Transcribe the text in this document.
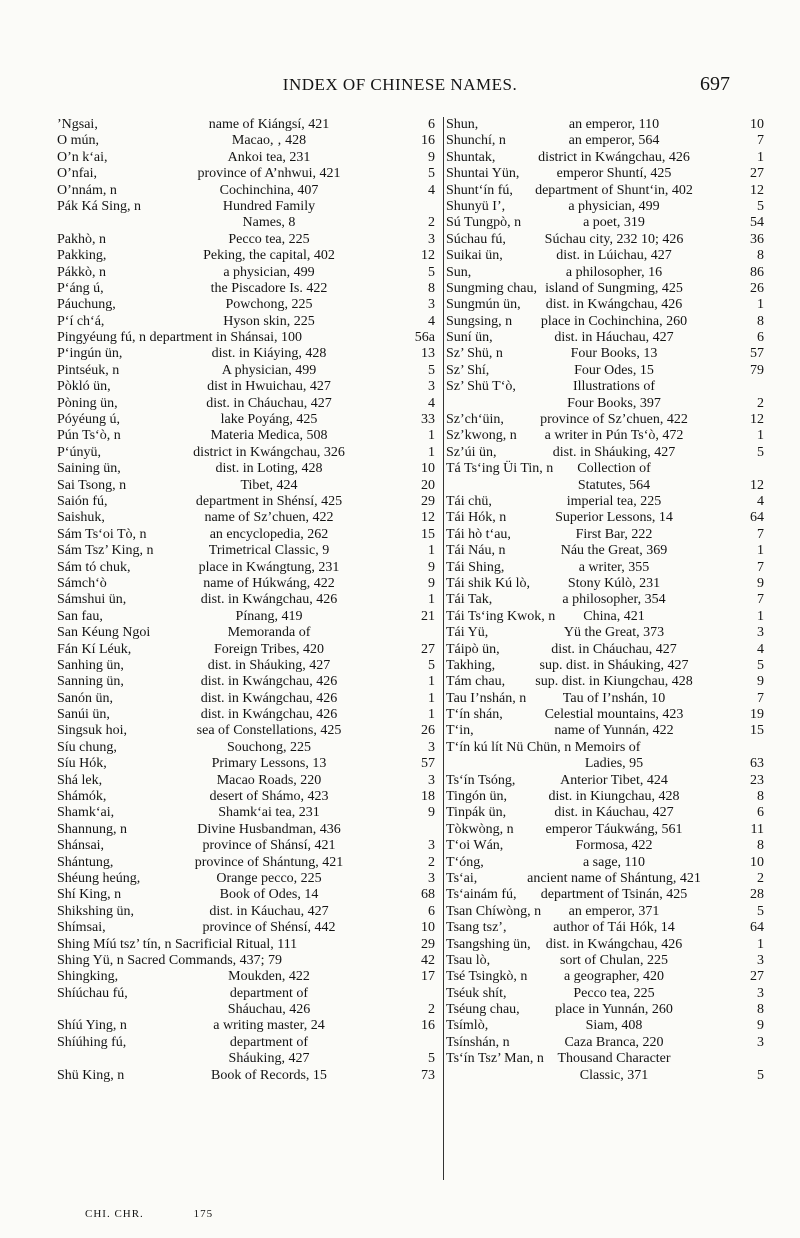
INDEX OF CHINESE NAMES.	697
’Ngsai,	name of Kiángsí, 421	6
O mún,	Macao, ‚ 428	16
O’n k‘ai,	Ankoi tea, 231	9
O’nfai,	province of A’nhwui, 421	5
O’nnám, n	Cochinchina, 407	4
Pák Ká Sing, n	Hundred Family
Names, 8	2
Pakhò, n	Pecco tea, 225	3
Pakking,	Peking, the capital, 402	12
Pákkò, n	a physician, 499	5
P‘áng ú,	the Piscadore Is. 422	8
Páuchung,	Powchong, 225	3
P‘í ch‘á,	Hyson skin, 225	4
Pingyéung fú, n department in Shánsai, 100	56a
P‘ingún ün,	dist. in Kiáying, 428	13
Pintséuk, n	A physician, 499	5
Pòkló ün,	dist in Hwuichau, 427	3
Pòning ün,	dist. in Cháuchau, 427	4
Póyéung ú,	lake Poyáng, 425	33
Pún Ts‘ò, n	Materia Medica, 508	1
P‘únyü,	district in Kwángchau, 326	1
Saining ün,	dist. in Loting, 428	10
Sai Tsong, n	Tibet, 424	20
Saión fú,	department in Shénsí, 425	29
Saishuk,	name of Sz’chuen, 422	12
Sám Ts‘oi Tò, n	an encyclopedia, 262	15
Sám Tsz’ King, n	Trimetrical Classic, 9	1
Sám tó chuk,	place in Kwángtung, 231	9
Sámch‘ò	name of Húkwáng, 422	9
Sámshui ün,	dist. in Kwángchau, 426	1
San fau,	Pínang, 419	21
San Kéung Ngoi	Memoranda of
Fán Kí Léuk,	Foreign Tribes, 420	27
Sanhing ün,	dist. in Sháuking, 427	5
Sanning ün,	dist. in Kwángchau, 426	1
Sanón ün,	dist. in Kwángchau, 426	1
Sanúi ün,	dist. in Kwángchau, 426	1
Singsuk hoi,	sea of Constellations, 425	26
Síu chung,	Souchong, 225	3
Síu Hók,	Primary Lessons, 13	57
Shá lek,	Macao Roads, 220	3
Shámók,	desert of Shámo, 423	18
Shamk‘ai,	Shamk‘ai tea, 231	9
Shannung, n	Divine Husbandman, 436
Shánsai,	province of Shánsí, 421	3
Shántung,	province of Shántung, 421	2
Shéung heúng,	Orange pecco, 225	3
Shí King, n	Book of Odes, 14	68
Shikshing ün,	dist. in Káuchau, 427	6
Shímsai,	province of Shénsí, 442	10
Shing Míú tsz’ tín, n Sacrificial Ritual, 111	29
Shing Yü, n Sacred Commands, 437; 79	42
Shingking,	Moukden, 422	17
Shíúchau fú,	department of
Sháuchau, 426	2
Shíú Ying, n	a writing master, 24	16
Shíúhing fú,	department of
Sháuking, 427	5
Shü King, n	Book of Records, 15	73
Shun,	an emperor, 110	10
Shunchí, n	an emperor, 564	7
Shuntak,	district in Kwángchau, 426	1
Shuntai Yün,	emperor Shuntí, 425	27
Shunt‘ín fú, department of Shunt‘in, 402	12
Shunyü I’,	a physician, 499	5
Sú Tungpò, n	a poet, 319	54
Súchau fú,	Súchau city, 232 10; 426	36
Suikai ün,	dist. in Lúichau, 427	8
Sun,	a philosopher, 16	86
Sungming chau, island of Sungming, 425	26
Sungmún ün, dist. in Kwángchau, 426	1
Sungsing, n place in Cochinchina, 260	8
Suní ün,	dist. in Háuchau, 427	6
Sz’ Shü, n	Four Books, 13	57
Sz’ Shí,	Four Odes, 15	79
Sz’ Shü T‘ò,	Illustrations of
Four Books, 397	2
Sz’ch‘üin,	province of Sz’chuen, 422	12
Sz’kwong, n a writer in Pún Ts‘ò, 472	1
Sz’úi ün,	dist. in Sháuking, 427	5
Tá Ts‘ing Üi Tin, n Collection of
Statutes, 564	12
Tái chü,	imperial tea, 225	4
Tái Hók, n	Superior Lessons, 14	64
Tái hò t‘au,	First Bar, 222	7
Tái Náu, n	Náu the Great, 369	1
Tái Shing,	a writer, 355	7
Tái shik Kú lò,	Stony Kúlò, 231	9
Tái Tak,	a philosopher, 354	7
Tái Ts‘ing Kwok, n China, 421	1
Tái Yü,	Yü the Great, 373	3
Táipò ün,	dist. in Cháuchau, 427	4
Takhing,	sup. dist. in Sháuking, 427	5
Tám chau, sup. dist. in Kiungchau, 428	9
Tau I’nshán, n	Tau of I’nshán, 10	7
T‘ín shán,	Celestial mountains, 423	19
T‘in,	name of Yunnán, 422	15
T‘ín kú lít Nü Chün, n Memoirs of
Ladies, 95	63
Ts‘ín Tsóng,	Anterior Tibet, 424	23
Tingón ün,	dist. in Kiungchau, 428	8
Tinpák ün,	dist. in Káuchau, 427	6
Tòkwòng, n emperor Táukwáng, 561	11
T‘oi Wán,	Formosa, 422	8
T‘óng,	a sage, 110	10
Ts‘ai,	ancient name of Shántung, 421	2
Ts‘ainám fú, department of Tsinán, 425	28
Tsan Chíwòng, n an emperor, 371	5
Tsang tsz’,	author of Tái Hók, 14	64
Tsangshing ün, dist. in Kwángchau, 426	1
Tsau lò,	sort of Chulan, 225	3
Tsé Tsingkò, n	a geographer, 420	27
Tséuk shít,	Pecco tea, 225	3
Tséung chau,	place in Yunnán, 260	8
Tsímlò,	Siam, 408	9
Tsínshán, n	Caza Branca, 220	3
Ts‘ín Tsz’ Man, n Thousand Character
Classic, 371	5
CHI. CHR.	175
